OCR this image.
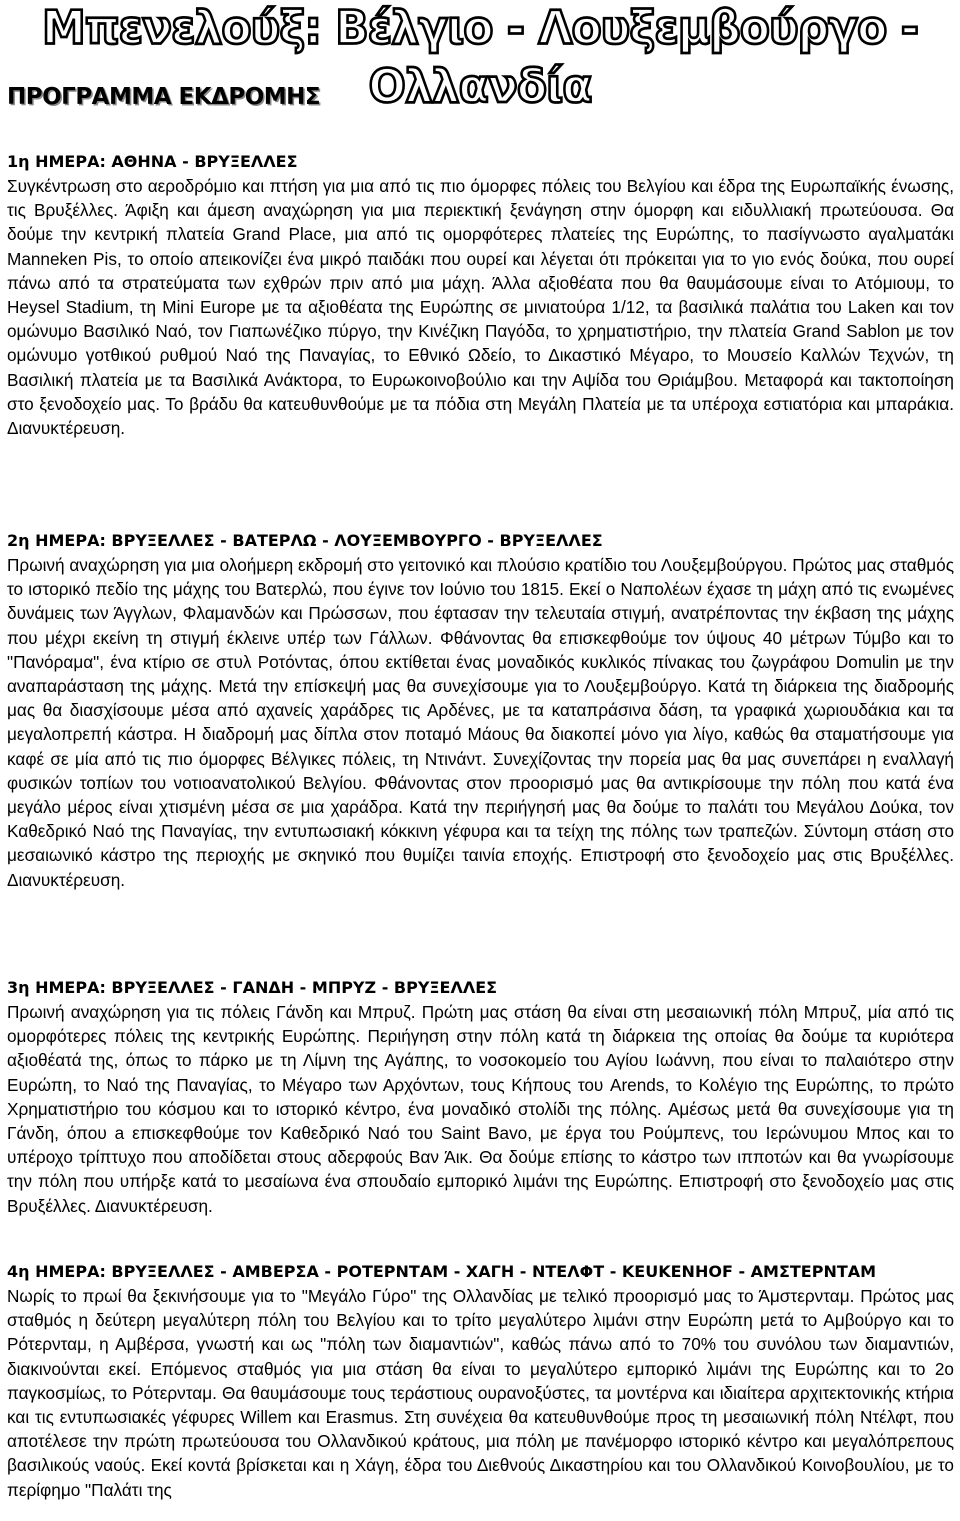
Μπενελούξ: Βέλγιο - Λουξεμβούργο - Ολλανδία
ΠΡΟΓΡΑΜΜΑ ΕΚΔΡΟΜΗΣ
1η ΗΜΕΡΑ: ΑΘΗΝΑ - ΒΡΥΞΕΛΛΕΣ

Συγκέντρωση στο αεροδρόμιο και πτήση για μια από τις πιο όμορφες πόλεις του Βελγίου και έδρα της Ευρωπαϊκής ένωσης, τις Βρυξέλλες. Άφιξη και άμεση αναχώρηση για μια περιεκτική ξενάγηση στην όμορφη και ειδυλλιακή πρωτεύουσα. Θα δούμε την κεντρική πλατεία Grand Place, μια από τις ομορφότερες πλατείες της Ευρώπης, το πασίγνωστο αγαλματάκι Manneken Pis, το οποίο απεικονίζει ένα μικρό παιδάκι που ουρεί και λέγεται ότι πρόκειται για το γιο ενός δούκα, που ουρεί πάνω από τα στρατεύματα των εχθρών πριν από μια μάχη. Άλλα αξιοθέατα που θα θαυμάσουμε είναι το Ατόμιουμ, το Heysel Stadium, τη Mini Europe με τα αξιοθέατα της Ευρώπης σε μινιατούρα 1/12, τα βασιλικά παλάτια του Laken και τον ομώνυμο Βασιλικό Ναό, τον Γιαπωνέζικο πύργο, την Κινέζικη Παγόδα, το χρηματιστήριο, την πλατεία Grand Sablon με τον ομώνυμο γοτθικού ρυθμού Ναό της Παναγίας, το Εθνικό Ωδείο, το Δικαστικό Μέγαρο, το Μουσείο Καλλών Τεχνών, τη Βασιλική πλατεία με τα Βασιλικά Ανάκτορα, το Ευρωκοινοβούλιο και την Αψίδα του Θριάμβου. Μεταφορά και τακτοποίηση στο ξενοδοχείο μας. Το βράδυ θα κατευθυνθούμε με τα πόδια στη Μεγάλη Πλατεία με τα υπέροχα εστιατόρια και μπαράκια. Διανυκτέρευση.

2η ΗΜΕΡΑ: ΒΡΥΞΕΛΛΕΣ - ΒΑΤΕΡΛΩ - ΛΟΥΞΕΜΒΟΥΡΓΟ - ΒΡΥΞΕΛΛΕΣ

Πρωινή αναχώρηση για μια ολοήμερη εκδρομή στο γειτονικό και πλούσιο κρατίδιο του Λουξεμβούργου. Πρώτος μας σταθμός το ιστορικό πεδίο της μάχης του Βατερλώ, που έγινε τον Ιούνιο του 1815. Εκεί ο Ναπολέων έχασε τη μάχη από τις ενωμένες δυνάμεις των Άγγλων, Φλαμανδών και Πρώσσων, που έφτασαν την τελευταία στιγμή, ανατρέποντας την έκβαση της μάχης που μέχρι εκείνη τη στιγμή έκλεινε υπέρ των Γάλλων. Φθάνοντας θα επισκεφθούμε τον ύψους 40 μέτρων Τύμβο και το "Πανόραμα", ένα κτίριο σε στυλ Ροτόντας, όπου εκτίθεται ένας μοναδικός κυκλικός πίνακας του ζωγράφου Domulin με την αναπαράσταση της μάχης. Μετά την επίσκεψή μας θα συνεχίσουμε για το Λουξεμβούργο. Κατά τη διάρκεια της διαδρομής μας θα διασχίσουμε μέσα από αχανείς χαράδρες τις Αρδένες, με τα καταπράσινα δάση, τα γραφικά χωριουδάκια και τα μεγαλοπρεπή κάστρα. Η διαδρομή μας δίπλα στον ποταμό Μάους θα διακοπεί μόνο για λίγο, καθώς θα σταματήσουμε για καφέ σε μία από τις πιο όμορφες Βέλγικες πόλεις, τη Ντινάντ. Συνεχίζοντας την πορεία μας θα μας συνεπάρει η εναλλαγή φυσικών τοπίων του νοτιοανατολικού Βελγίου. Φθάνοντας στον προορισμό μας θα αντικρίσουμε την πόλη που κατά ένα μεγάλο μέρος είναι χτισμένη μέσα σε μια χαράδρα. Κατά την περιήγησή μας θα δούμε το παλάτι του Μεγάλου Δούκα, τον Καθεδρικό Ναό της Παναγίας, την εντυπωσιακή κόκκινη γέφυρα και τα τείχη της πόλης των τραπεζών. Σύντομη στάση στο μεσαιωνικό κάστρο της περιοχής με σκηνικό που θυμίζει ταινία εποχής. Επιστροφή στο ξενοδοχείο μας στις Βρυξέλλες. Διανυκτέρευση.

3η ΗΜΕΡΑ: ΒΡΥΞΕΛΛΕΣ - ΓΑΝΔΗ - ΜΠΡΥΖ - ΒΡΥΞΕΛΛΕΣ

Πρωινή αναχώρηση για τις πόλεις Γάνδη και Μπρυζ. Πρώτη μας στάση θα είναι στη μεσαιωνική πόλη Μπρυζ, μία από τις ομορφότερες πόλεις της κεντρικής Ευρώπης. Περιήγηση στην πόλη κατά τη διάρκεια της οποίας θα δούμε τα κυριότερα αξιοθέατά της, όπως το πάρκο με τη Λίμνη της Αγάπης, το νοσοκομείο του Αγίου Ιωάννη, που είναι το παλαιότερο στην Ευρώπη, το Ναό της Παναγίας, το Μέγαρο των Αρχόντων, τους Κήπους του Arends, το Κολέγιο της Ευρώπης, το πρώτο Χρηματιστήριο του κόσμου και το ιστορικό κέντρο, ένα μοναδικό στολίδι της πόλης. Αμέσως μετά θα συνεχίσουμε για τη Γάνδη, όπου a επισκεφθούμε τον Καθεδρικό Ναό του Saint Bavo, με έργα του Ρούμπενς, του Ιερώνυμου Μπος και το υπέροχο τρίπτυχο που αποδίδεται στους αδερφούς Βαν Άικ. Θα δούμε επίσης το κάστρο των ιπποτών και θα γνωρίσουμε την πόλη που υπήρξε κατά το μεσαίωνα ένα σπουδαίο εμπορικό λιμάνι της Ευρώπης. Επιστροφή στο ξενοδοχείο μας στις Βρυξέλλες. Διανυκτέρευση.

4η ΗΜΕΡΑ: ΒΡΥΞΕΛΛΕΣ - ΑΜΒΕΡΣΑ - ΡΟΤΕΡΝΤΑΜ - ΧΑΓΗ - ΝΤΕΛΦΤ - KEUKENHOF - ΑΜΣΤΕΡΝΤΑΜ

Νωρίς το πρωί θα ξεκινήσουμε για το "Μεγάλο Γύρο" της Ολλανδίας με τελικό προορισμό μας το Άμστερνταμ. Πρώτος μας σταθμός η δεύτερη μεγαλύτερη πόλη του Βελγίου και το τρίτο μεγαλύτερο λιμάνι στην Ευρώπη μετά το Αμβούργο και το Ρότερνταμ, η Αμβέρσα, γνωστή και ως "πόλη των διαμαντιών", καθώς πάνω από το 70% του συνόλου των διαμαντιών, διακινούνται εκεί. Επόμενος σταθμός για μια στάση θα είναι το μεγαλύτερο εμπορικό λιμάνι της Ευρώπης και το 2ο παγκοσμίως, το Ρότερνταμ. Θα θαυμάσουμε τους τεράστιους ουρανοξύστες, τα μοντέρνα και ιδιαίτερα αρχιτεκτονικής κτήρια και τις εντυπωσιακές γέφυρες Willem και Erasmus. Στη συνέχεια θα κατευθυνθούμε προς τη μεσαιωνική πόλη Ντέλφτ, που αποτέλεσε την πρώτη πρωτεύουσα του Ολλανδικού κράτους, μια πόλη με πανέμορφο ιστορικό κέντρο και μεγαλόπρεπους βασιλικούς ναούς. Εκεί κοντά βρίσκεται και η Χάγη, έδρα του Διεθνούς Δικαστηρίου και του Ολλανδικού Κοινοβουλίου, με το περίφημο "Παλάτι της
